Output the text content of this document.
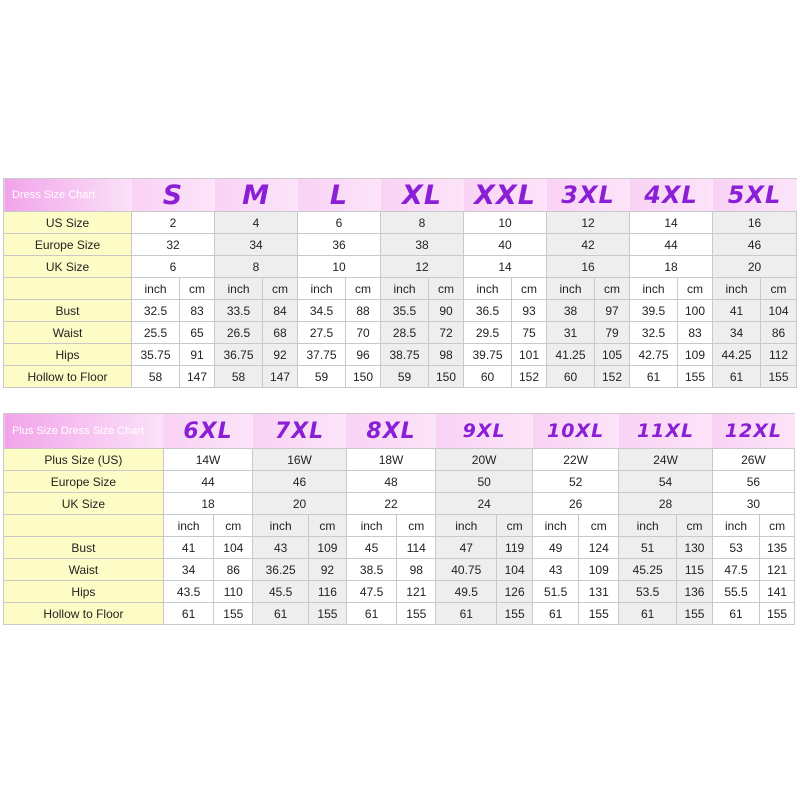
Dress Size Chart	S		M		L		XL		XXL		3XL		4XL		5XL	
US Size	2		4		6		8		10		12		14		16	
Europe Size	32		34		36		38		40		42		44		46	
UK Size	6		8		10		12		14		16		18		20	
	inch	cm	inch	cm	inch	cm	inch	cm	inch	cm	inch	cm	inch	cm	inch	cm
Bust	32.5	83	33.5	84	34.5	88	35.5	90	36.5	93	38	97	39.5	100	41	104
Waist	25.5	65	26.5	68	27.5	70	28.5	72	29.5	75	31	79	32.5	83	34	86
Hips	35.75	91	36.75	92	37.75	96	38.75	98	39.75	101	41.25	105	42.75	109	44.25	112
Hollow to Floor	58	147	58	147	59	150	59	150	60	152	60	152	61	155	61	155
Plus Size Dress Size Chart	6XL		7XL		8XL		9XL		10XL		11XL		12XL	
Plus Size (US)	14W		16W		18W		20W		22W		24W		26W	
Europe Size	44		46		48		50		52		54		56	
UK Size	18		20		22		24		26		28		30	
	inch	cm	inch	cm	inch	cm	inch	cm	inch	cm	inch	cm	inch	cm
Bust	41	104	43	109	45	114	47	119	49	124	51	130	53	135
Waist	34	86	36.25	92	38.5	98	40.75	104	43	109	45.25	115	47.5	121
Hips	43.5	110	45.5	116	47.5	121	49.5	126	51.5	131	53.5	136	55.5	141
Hollow to Floor	61	155	61	155	61	155	61	155	61	155	61	155	61	155
